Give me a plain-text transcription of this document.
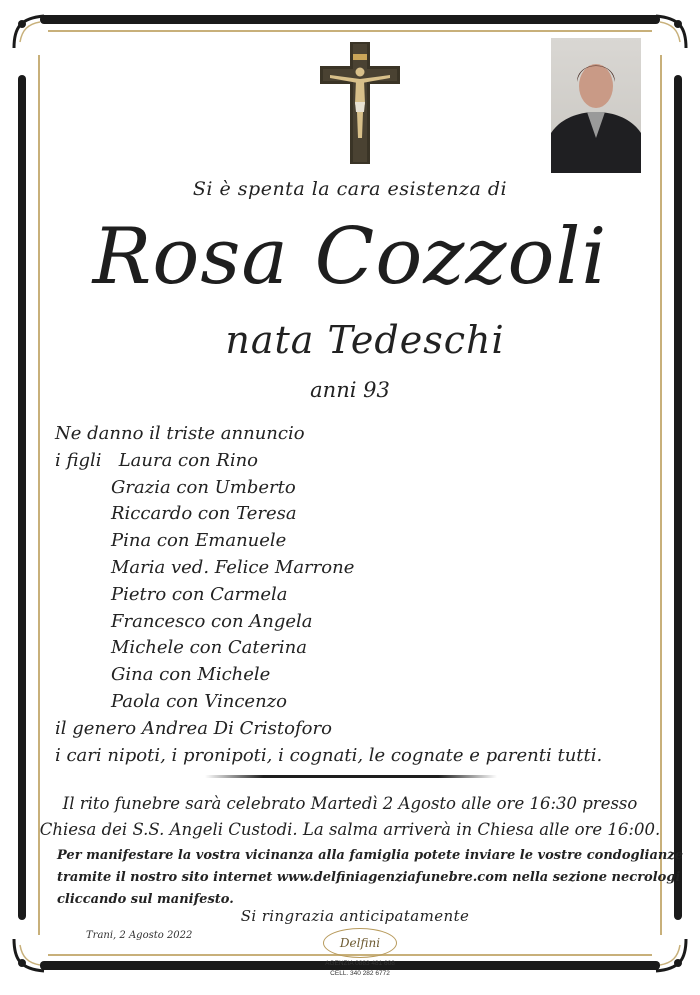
Si è spenta la cara esistenza di
Rosa Cozzoli
nata Tedeschi
anni 93
Ne danno il triste annuncio
i figli Laura con Rino
Grazia con Umberto
Riccardo con Teresa
Pina con Emanuele
Maria ved. Felice Marrone
Pietro con Carmela
Francesco con Angela
Michele con Caterina
Gina con Michele
Paola con Vincenzo
il genero Andrea Di Cristoforo
i cari nipoti, i pronipoti, i cognati, le cognate e parenti tutti.
Il rito funebre sarà celebrato Martedì 2 Agosto alle ore 16:30 presso
Chiesa dei S.S. Angeli Custodi. La salma arriverà in Chiesa alle ore 16:00.
Per manifestare la vostra vicinanza alla famiglia potete inviare le vostre condoglianze
tramite il nostro sito internet www.delfiniagenziafunebre.com nella sezione necrologi
cliccando sul manifesto.
Si ringrazia anticipatamente
Trani, 2 Agosto 2022
Delfini
AGENZIA 0883 481 608
CELL. 340 282 6772
